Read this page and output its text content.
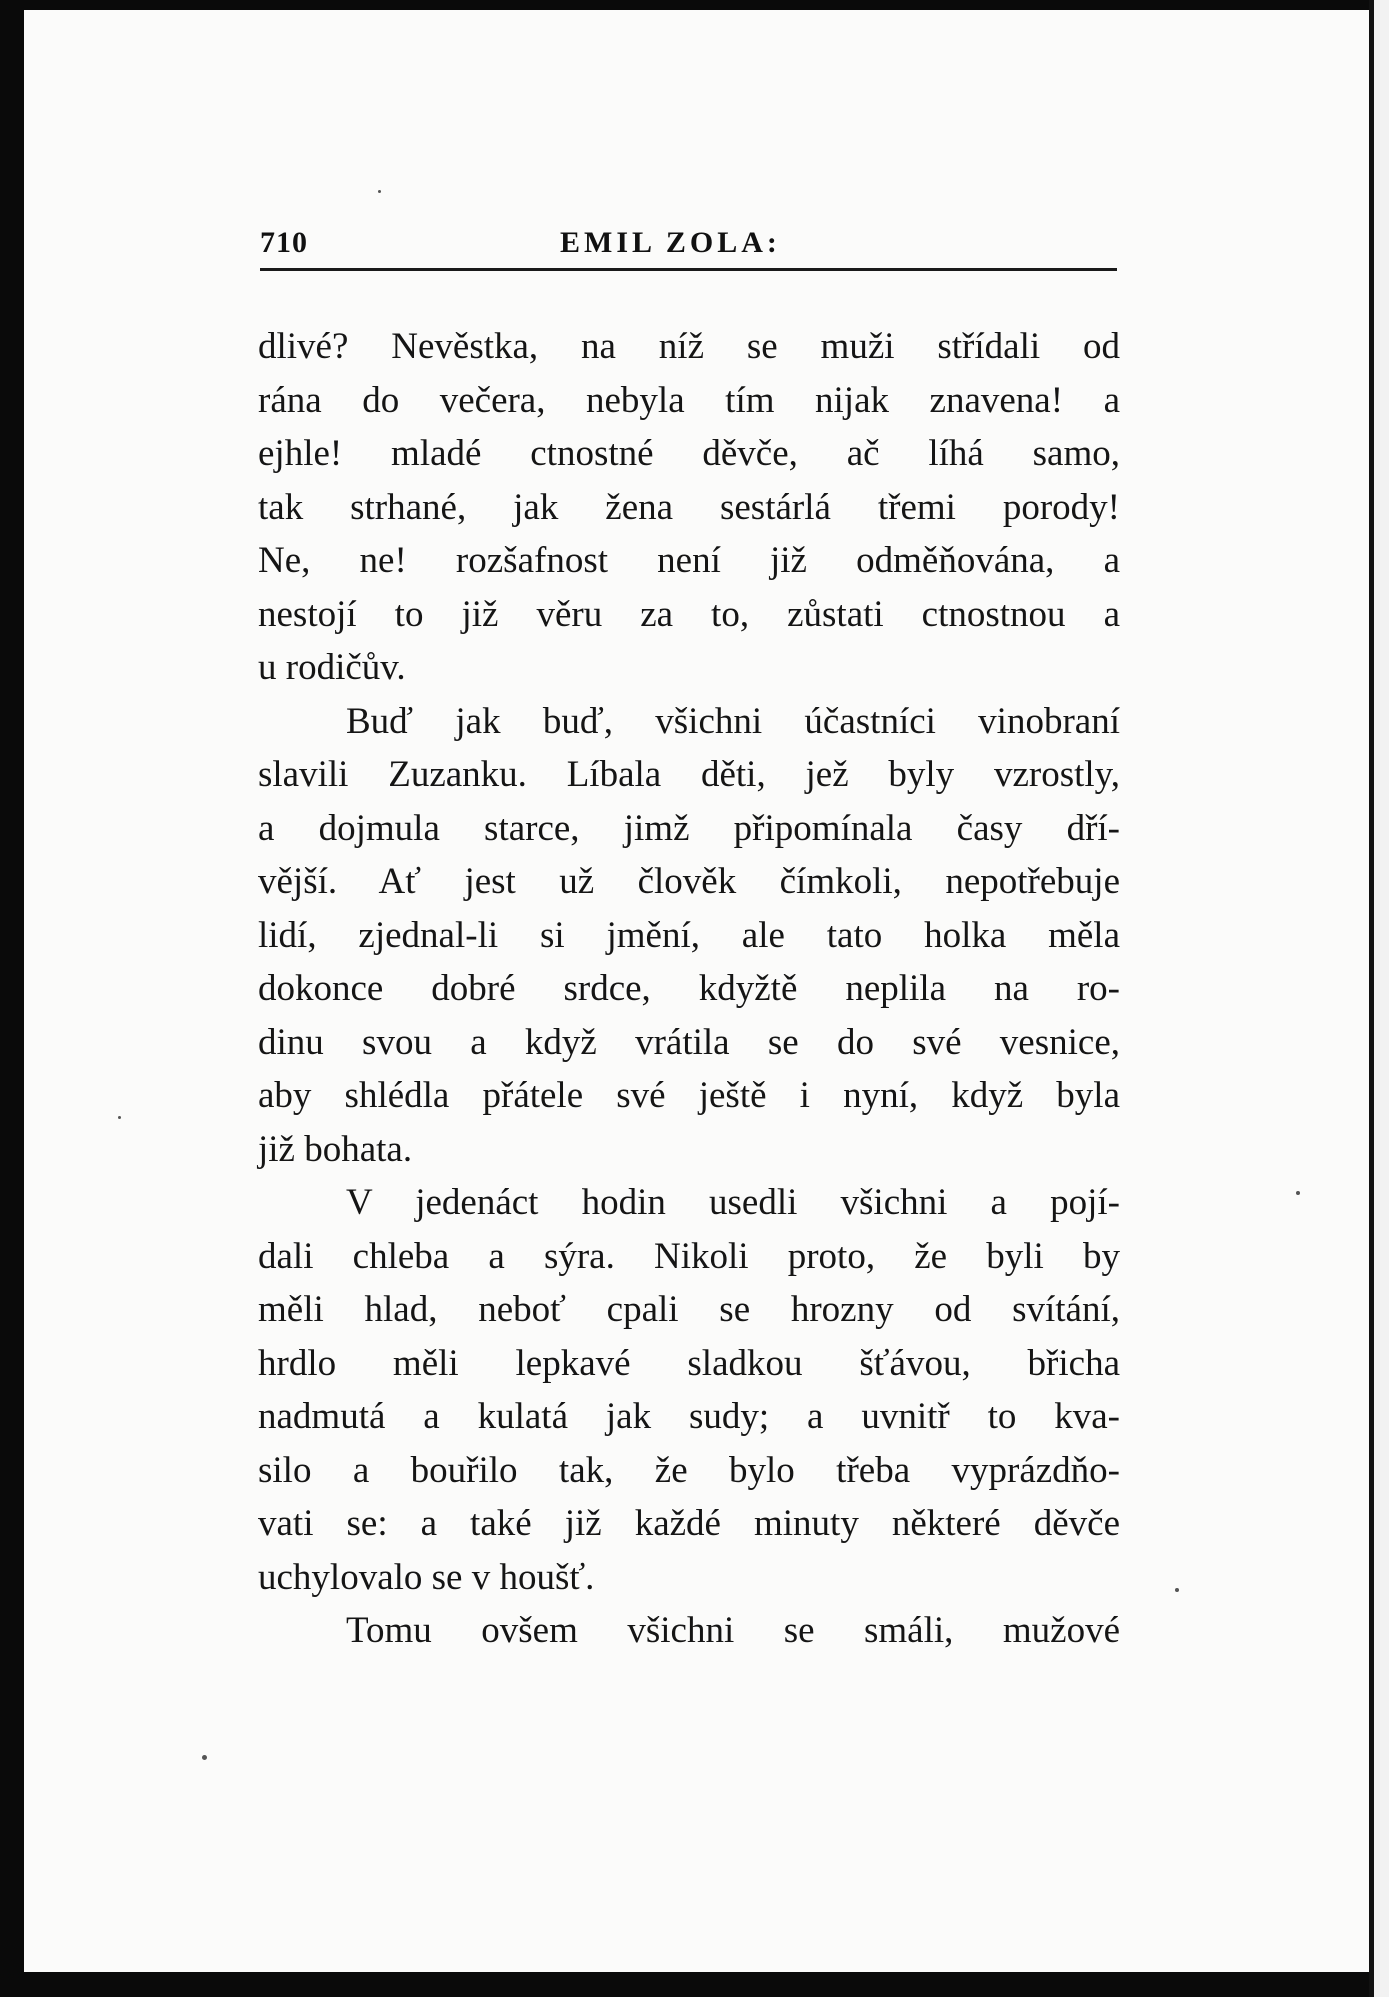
710	EMIL ZOLA:
dlivé? Nevěstka, na níž se muži střídali od
rána do večera, nebyla tím nijak znavena! a
ejhle! mladé ctnostné děvče, ač líhá samo,
tak strhané, jak žena sestárlá třemi porody!
Ne, ne! rozšafnost není již odměňována, a
nestojí to již věru za to, zůstati ctnostnou a
u rodičův.
Buď jak buď, všichni účastníci vinobraní
slavili Zuzanku. Líbala děti, jež byly vzrostly,
a dojmula starce, jimž připomínala časy dří-
vější. Ať jest už člověk čímkoli, nepotřebuje
lidí, zjednal-li si jmění, ale tato holka měla
dokonce dobré srdce, kdyžtě neplila na ro-
dinu svou a když vrátila se do své vesnice,
aby shlédla přátele své ještě i nyní, když byla
již bohata.
V jedenáct hodin usedli všichni a pojí-
dali chleba a sýra. Nikoli proto, že byli by
měli hlad, neboť cpali se hrozny od svítání,
hrdlo měli lepkavé sladkou šťávou, břicha
nadmutá a kulatá jak sudy; a uvnitř to kva-
silo a bouřilo tak, že bylo třeba vyprázdňo-
vati se: a také již každé minuty některé děvče
uchylovalo se v houšť.
Tomu ovšem všichni se smáli, mužové
